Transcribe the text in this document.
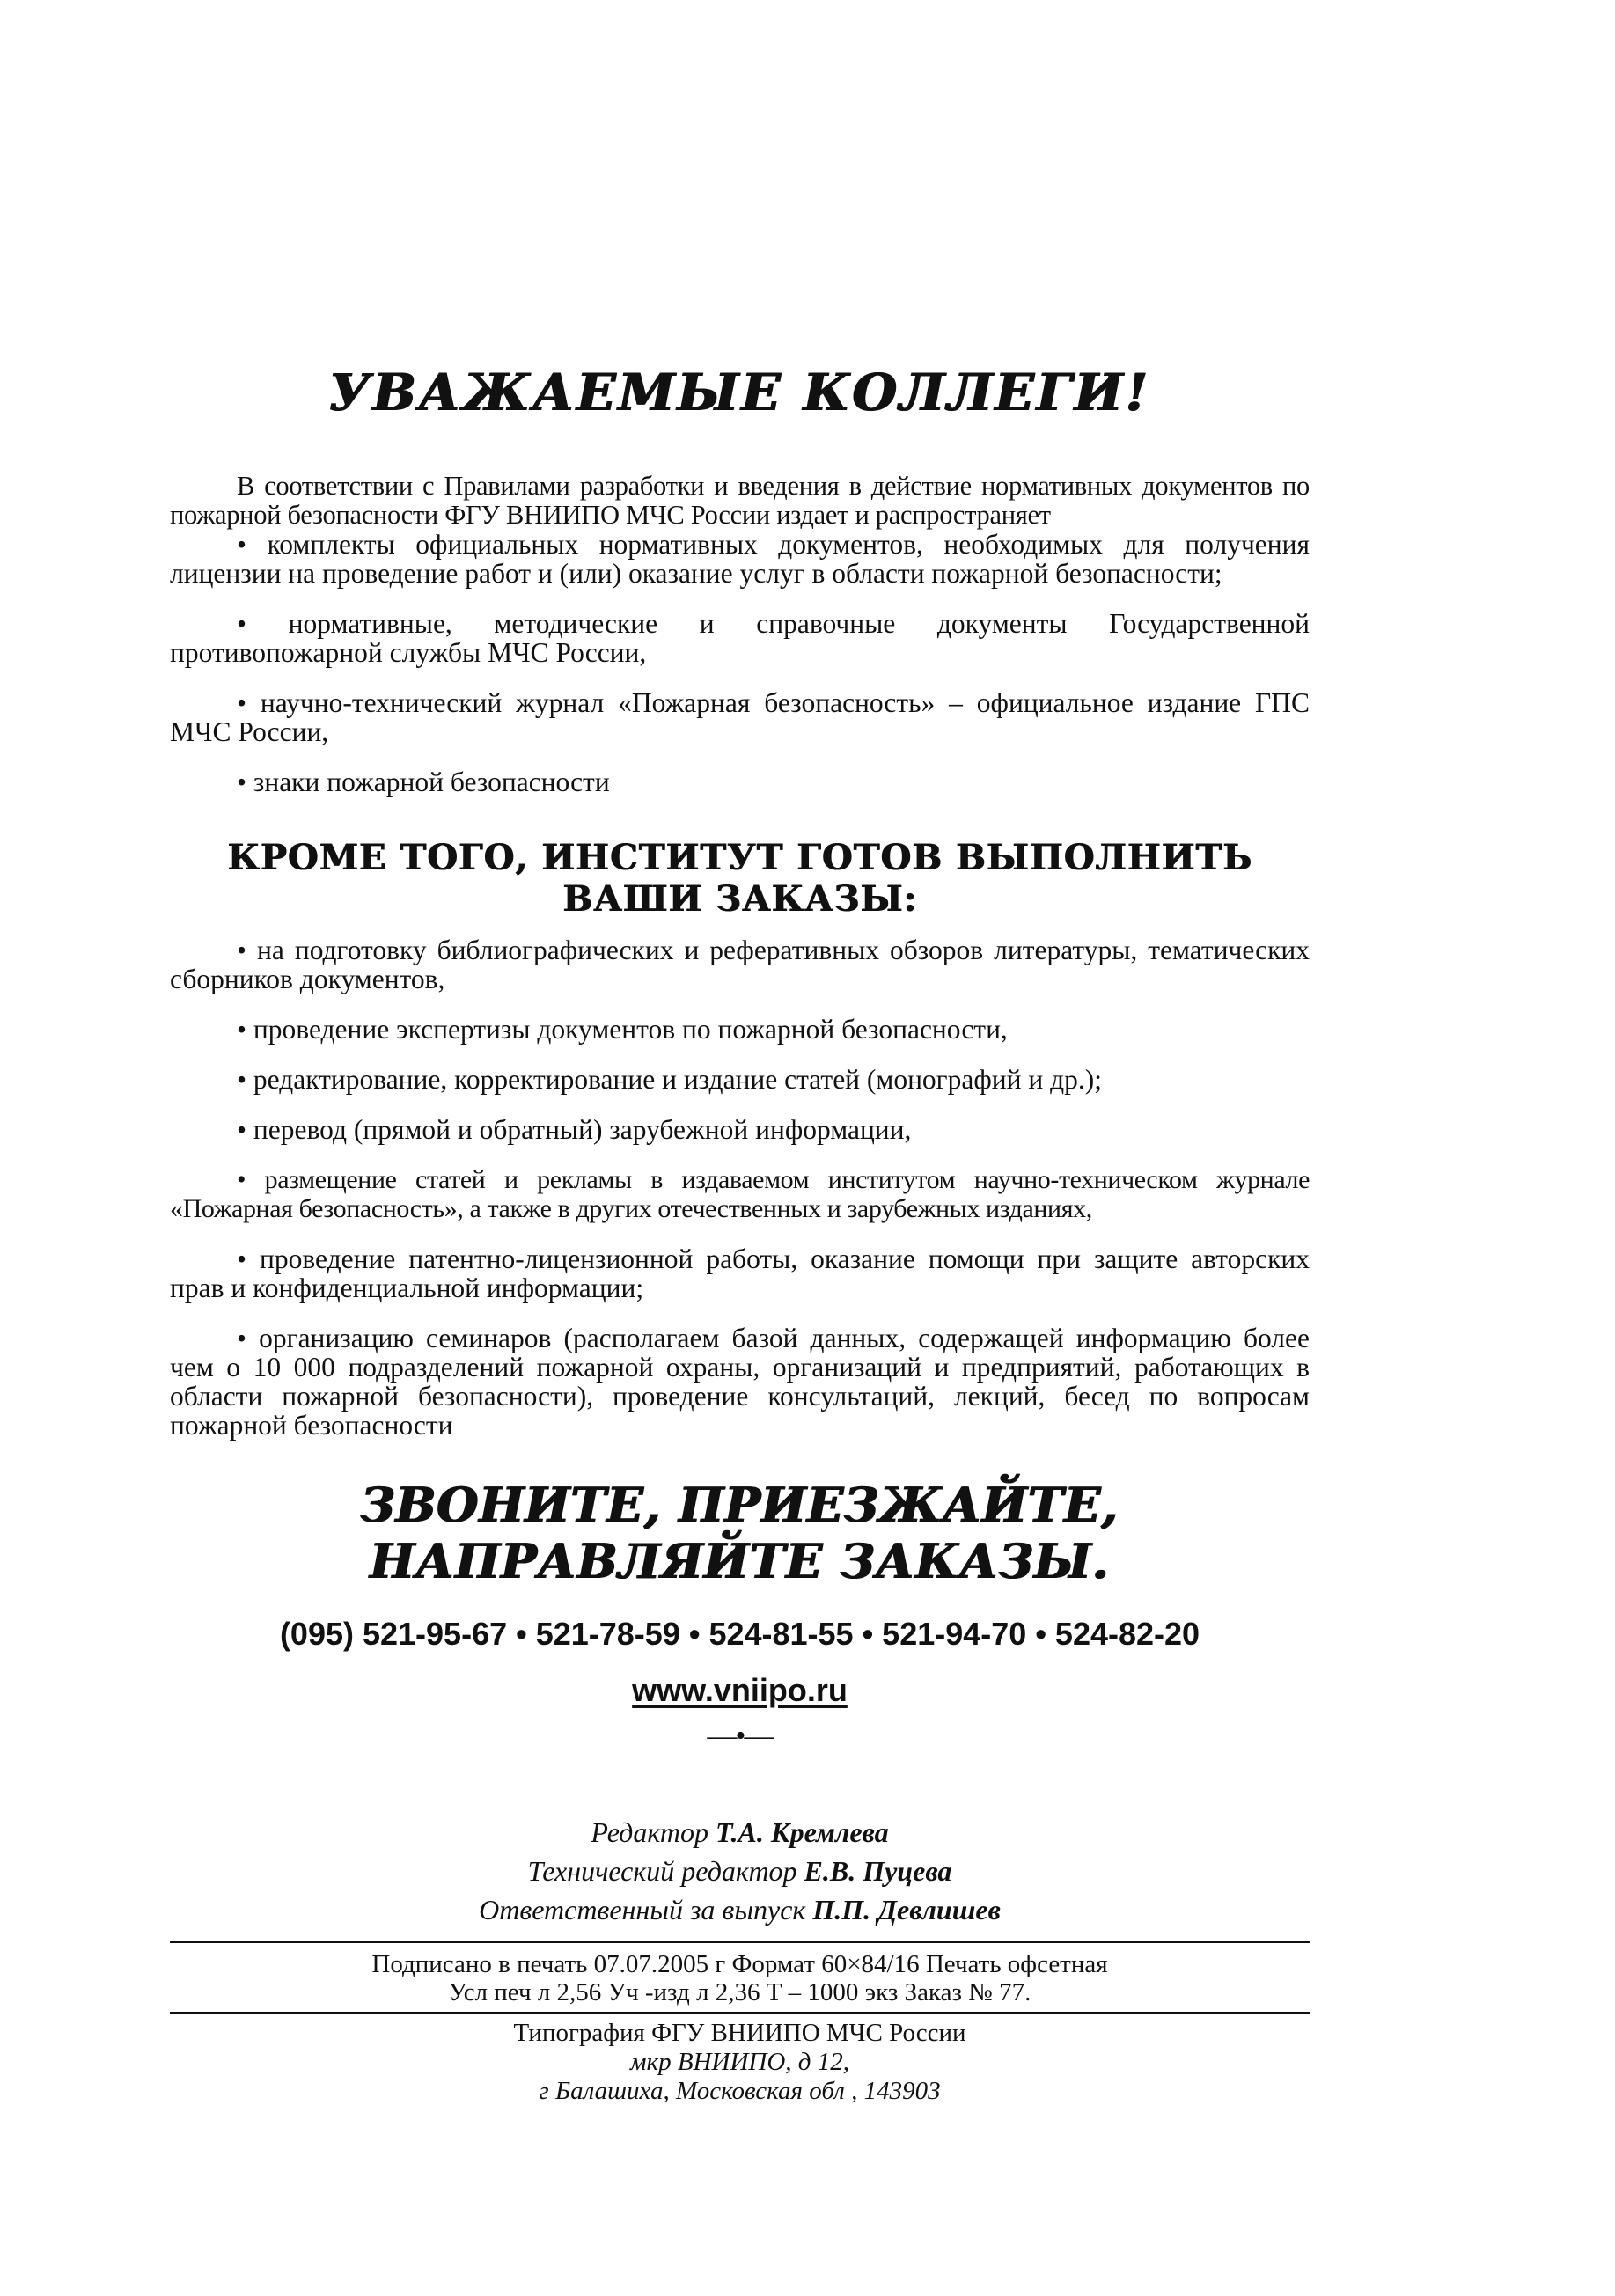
УВАЖАЕМЫЕ КОЛЛЕГИ!

В соответствии с Правилами разработки и введения в действие нормативных документов по пожарной безопасности ФГУ ВНИИПО МЧС России издает и распространяет

• комплекты официальных нормативных документов, необходимых для получения лицензии на проведение работ и (или) оказание услуг в области пожарной безопасности;

• нормативные, методические и справочные документы Государственной противопожарной службы МЧС России,

• научно-технический журнал «Пожарная безопасность» – официальное издание ГПС МЧС России,

• знаки пожарной безопасности

КРОМЕ ТОГО, ИНСТИТУТ ГОТОВ ВЫПОЛНИТЬ ВАШИ ЗАКАЗЫ:

• на подготовку библиографических и реферативных обзоров литературы, тематических сборников документов,

• проведение экспертизы документов по пожарной безопасности,

• редактирование, корректирование и издание статей (монографий и др.);

• перевод (прямой и обратный) зарубежной информации,

• размещение статей и рекламы в издаваемом институтом научно-техническом журнале «Пожарная безопасность», а также в других отечественных и зарубежных изданиях,

• проведение патентно-лицензионной работы, оказание помощи при защите авторских прав и конфиденциальной информации;

• организацию семинаров (располагаем базой данных, содержащей информацию более чем о 10 000 подразделений пожарной охраны, организаций и предприятий, работающих в области пожарной безопасности), проведение консультаций, лекций, бесед по вопросам пожарной безопасности

ЗВОНИТЕ, ПРИЕЗЖАЙТЕ, НАПРАВЛЯЙТЕ ЗАКАЗЫ.
(095) 521-95-67 • 521-78-59 • 524-81-55 • 521-94-70 • 524-82-20
www.vniipo.ru
—•—
Редактор Т.А. Кремлева
Технический редактор Е.В. Пуцева
Ответственный за выпуск П.П. Девлишев
Подписано в печать 07.07.2005 г Формат 60×84/16 Печать офсетная
Усл печ л 2,56 Уч -изд л 2,36 Т – 1000 экз Заказ № 77.
Типография ФГУ ВНИИПО МЧС России
мкр ВНИИПО, д 12,
г Балашиха, Московская обл , 143903
